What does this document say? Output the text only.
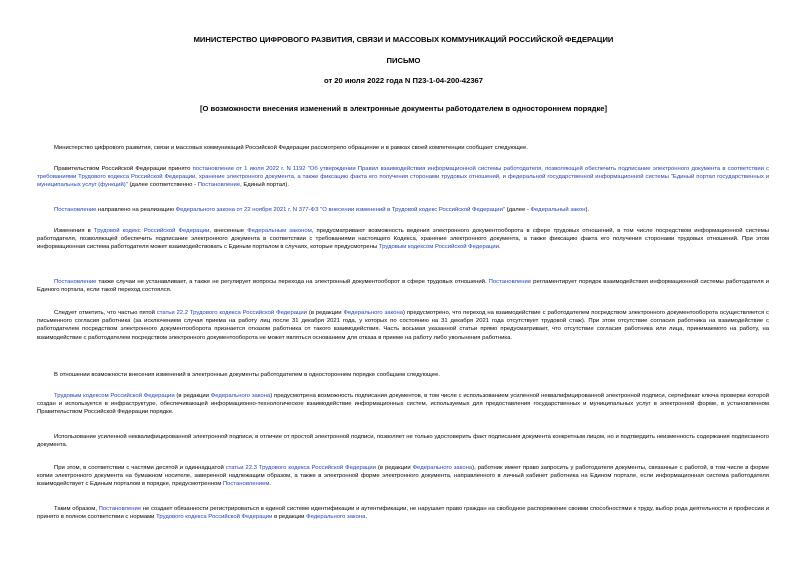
МИНИСТЕРСТВО ЦИФРОВОГО РАЗВИТИЯ, СВЯЗИ И МАССОВЫХ КОММУНИКАЦИЙ РОССИЙСКОЙ ФЕДЕРАЦИИ
ПИСЬМО
от 20 июля 2022 года N П23-1-04-200-42367
[О возможности внесения изменений в электронные документы работодателем в одностороннем порядке]
Министерство цифрового развития, связи и массовых коммуникаций Российской Федерации рассмотрело обращение и в рамках своей компетенции сообщает следующее.
Правительством Российской Федерации принято постановление от 1 июля 2022 г. N 1192 "Об утверждении Правил взаимодействия информационной системы работодателя, позволяющей обеспечить подписание электронного документа в соответствии с требованиями Трудового кодекса Российской Федерации, хранение электронного документа, а также фиксацию факта его получения сторонами трудовых отношений, и федеральной государственной информационной системы "Единый портал государственных и муниципальных услуг (функций)" (далее соответственно - Постановление, Единый портал).
Постановление направлено на реализацию Федерального закона от 22 ноября 2021 г. N 377-ФЗ "О внесении изменений в Трудовой кодекс Российской Федерации" (далее - Федеральный закон).
Изменения в Трудовой кодекс Российской Федерации, внесенные Федеральным законом, предусматривают возможность ведения электронного документооборота в сфере трудовых отношений, в том числе посредством информационной системы работодателя, позволяющей обеспечить подписание электронного документа в соответствии с требованиями настоящего Кодекса, хранение электронного документа, а также фиксацию факта его получения сторонами трудовых отношений. При этом информационная система работодателя может взаимодействовать с Единым порталом в случаях, которые предусмотрены Трудовым кодексом Российской Федерации.
Постановление также случаи не устанавливает, а также не регулирует вопросы перехода на электронный документооборот в сфере трудовых отношений. Постановление регламентирует порядок взаимодействия информационной системы работодателя и Единого портала, если такой переход состоялся.
Следует отметить, что частью пятой статьи 22.2 Трудового кодекса Российской Федерации (в редакции Федерального закона) предусмотрено, что переход на взаимодействие с работодателем посредством электронного документооборота осуществляется с письменного согласия работника (за исключением случая приема на работу лиц после 31 декабря 2021 года, у которых по состоянию на 31 декабря 2021 года отсутствует трудовой стаж). При этом отсутствие согласия работника на взаимодействие с работодателем посредством электронного документооборота признается отказом работника от такого взаимодействия. Часть восьмая указанной статьи прямо предусматривает, что отсутствие согласия работника или лица, принимаемого на работу, на взаимодействие с работодателем посредством электронного документооборота не может являться основанием для отказа в приеме на работу либо увольнения работника.
В отношении возможности внесения изменений в электронные документы работодателем в одностороннем порядке сообщаем следующее.
Трудовым кодексом Российской Федерации (в редакции Федерального закона) предусмотрена возможность подписания документов, в том числе с использованием усиленной неквалифицированной электронной подписи, сертификат ключа проверки которой создан и используется в инфраструктуре, обеспечивающей информационно-технологическое взаимодействие информационных систем, используемых для предоставления государственных и муниципальных услуг в электронной форме, в установленном Правительством Российской Федерации порядке.
Использование усиленной неквалифицированной электронной подписи, в отличие от простой электронной подписи, позволяет не только удостоверить факт подписания документа конкретным лицом, но и подтвердить неизменность содержания подписанного документа.
При этом, в соответствии с частями десятой и одиннадцатой статьи 22.3 Трудового кодекса Российской Федерации (в редакции Федерального закона), работник имеет право запросить у работодателя документы, связанные с работой, в том числе в форме копии электронного документа на бумажном носителе, заверенной надлежащим образом, а также в электронной форме электронного документа, направленного в личный кабинет работника на Едином портале, если информационная система работодателя взаимодействует с Единым порталом в порядке, предусмотренном Постановлением.
Таким образом, Постановление не создает обязанности регистрироваться в единой системе идентификации и аутентификации, не нарушает право граждан на свободное распоряжение своими способностями к труду, выбор рода деятельности и профессии и принято в полном соответствии с нормами Трудового кодекса Российской Федерации в редакции Федерального закона.
